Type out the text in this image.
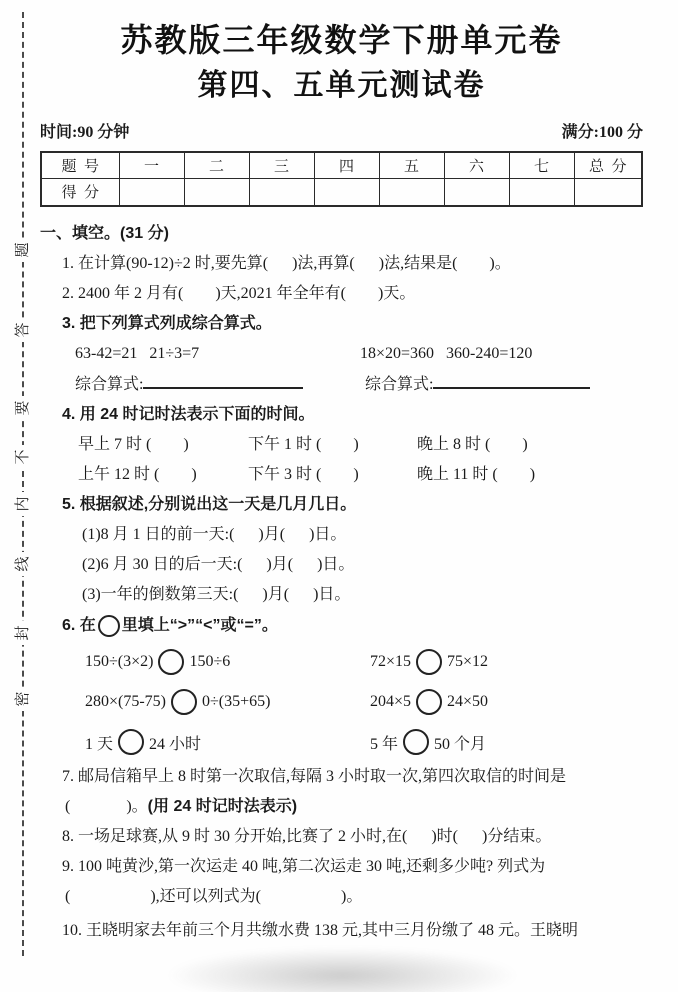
题
答
要
不
内
线
封
密
苏教版三年级数学下册单元卷
第四、五单元测试卷
时间:90 分钟	满分:100 分
题  号	一	二	三	四	五	六	七	总  分
得  分								
一、填空。(31 分)
1. 在计算(90-12)÷2 时,要先算(      )法,再算(      )法,结果是(        )。
2. 2400 年 2 月有(        )天,2021 年全年有(        )天。
3. 把下列算式列成综合算式。
63-42=21   21÷3=7	18×20=360   360-240=120
综合算式:	综合算式:
4. 用 24 时记时法表示下面的时间。
早上 7 时 (        )	下午 1 时 (        )	晚上 8 时 (        )
上午 12 时 (        )	下午 3 时 (        )	晚上 11 时 (        )
5. 根据叙述,分别说出这一天是几月几日。
(1)8 月 1 日的前一天:(      )月(      )日。
(2)6 月 30 日的后一天:(      )月(      )日。
(3)一年的倒数第三天:(      )月(      )日。
6. 在 里填上“>”“<”或“=”。
150÷(3×2) 150÷6	72×15 75×12
280×(75-75) 0÷(35+65)	204×5 24×50
1 天 24 小时	5 年 50 个月
7. 邮局信箱早上 8 时第一次取信,每隔 3 小时取一次,第四次取信的时间是
(              )。(用 24 时记时法表示)
8. 一场足球赛,从 9 时 30 分开始,比赛了 2 小时,在(      )时(      )分结束。
9. 100 吨黄沙,第一次运走 40 吨,第二次运走 30 吨,还剩多少吨? 列式为
(                    ),还可以列式为(                    )。
10. 王晓明家去年前三个月共缴水费 138 元,其中三月份缴了 48 元。王晓明
